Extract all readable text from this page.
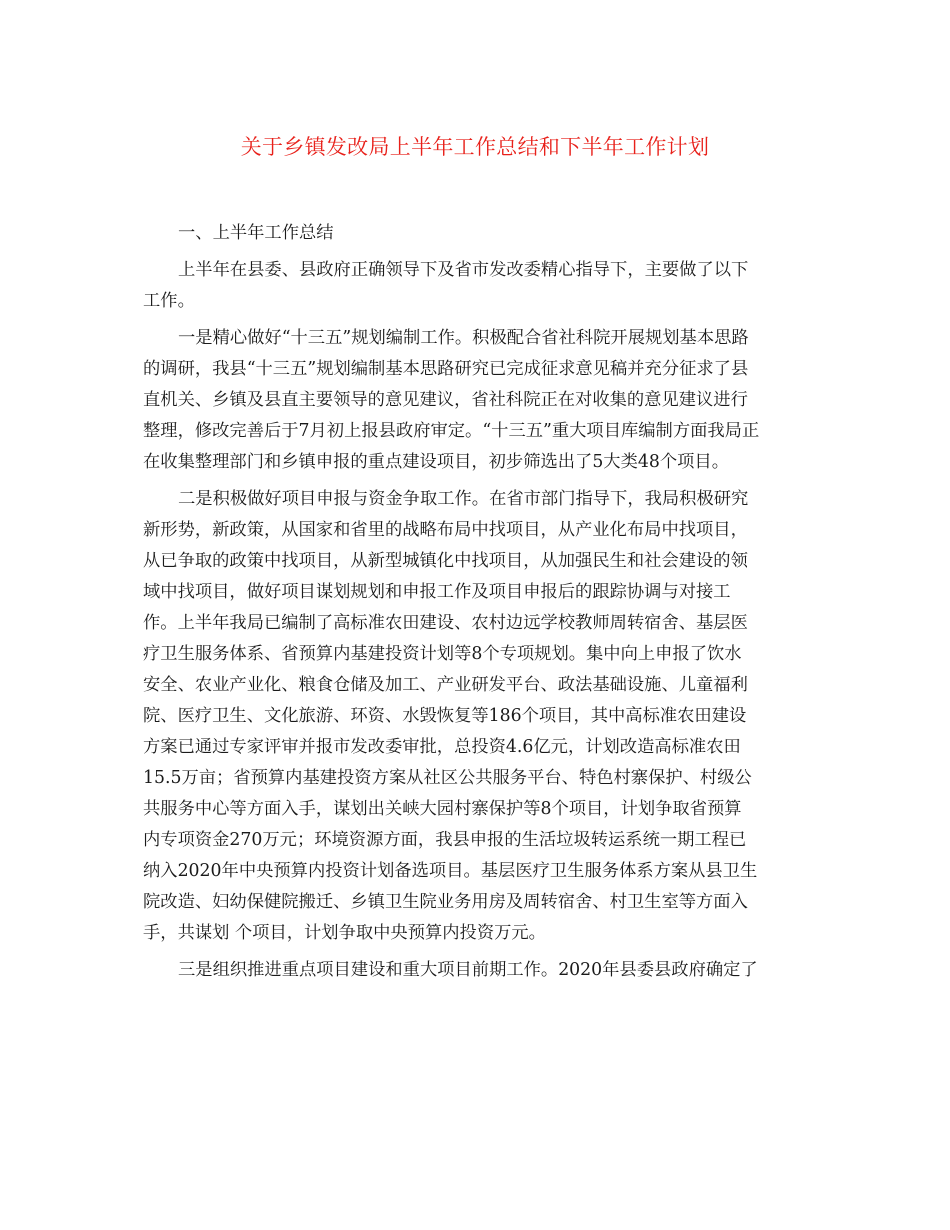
关于乡镇发改局上半年工作总结和下半年工作计划
一、上半年工作总结
上半年在县委、县政府正确领导下及省市发改委精心指导下，主要做了以下
工作。
一是精心做好“十三五”规划编制工作。积极配合省社科院开展规划基本思路
的调研，我县“十三五”规划编制基本思路研究已完成征求意见稿并充分征求了县
直机关、乡镇及县直主要领导的意见建议，省社科院正在对收集的意见建议进行
整理，修改完善后于7月初上报县政府审定。“十三五”重大项目库编制方面我局正
在收集整理部门和乡镇申报的重点建设项目，初步筛选出了5大类48个项目。
二是积极做好项目申报与资金争取工作。在省市部门指导下，我局积极研究
新形势，新政策，从国家和省里的战略布局中找项目，从产业化布局中找项目，
从已争取的政策中找项目，从新型城镇化中找项目，从加强民生和社会建设的领
域中找项目，做好项目谋划规划和申报工作及项目申报后的跟踪协调与对接工
作。上半年我局已编制了高标准农田建设、农村边远学校教师周转宿舍、基层医
疗卫生服务体系、省预算内基建投资计划等8个专项规划。集中向上申报了饮水
安全、农业产业化、粮食仓储及加工、产业研发平台、政法基础设施、儿童福利
院、医疗卫生、文化旅游、环资、水毁恢复等186个项目，其中高标准农田建设
方案已通过专家评审并报市发改委审批，总投资4.6亿元，计划改造高标准农田
15.5万亩；省预算内基建投资方案从社区公共服务平台、特色村寨保护、村级公
共服务中心等方面入手，谋划出关峡大园村寨保护等8个项目，计划争取省预算
内专项资金270万元；环境资源方面，我县申报的生活垃圾转运系统一期工程已
纳入2020年中央预算内投资计划备选项目。基层医疗卫生服务体系方案从县卫生
院改造、妇幼保健院搬迁、乡镇卫生院业务用房及周转宿舍、村卫生室等方面入
手，共谋划 个项目，计划争取中央预算内投资万元。
三是组织推进重点项目建设和重大项目前期工作。2020年县委县政府确定了
